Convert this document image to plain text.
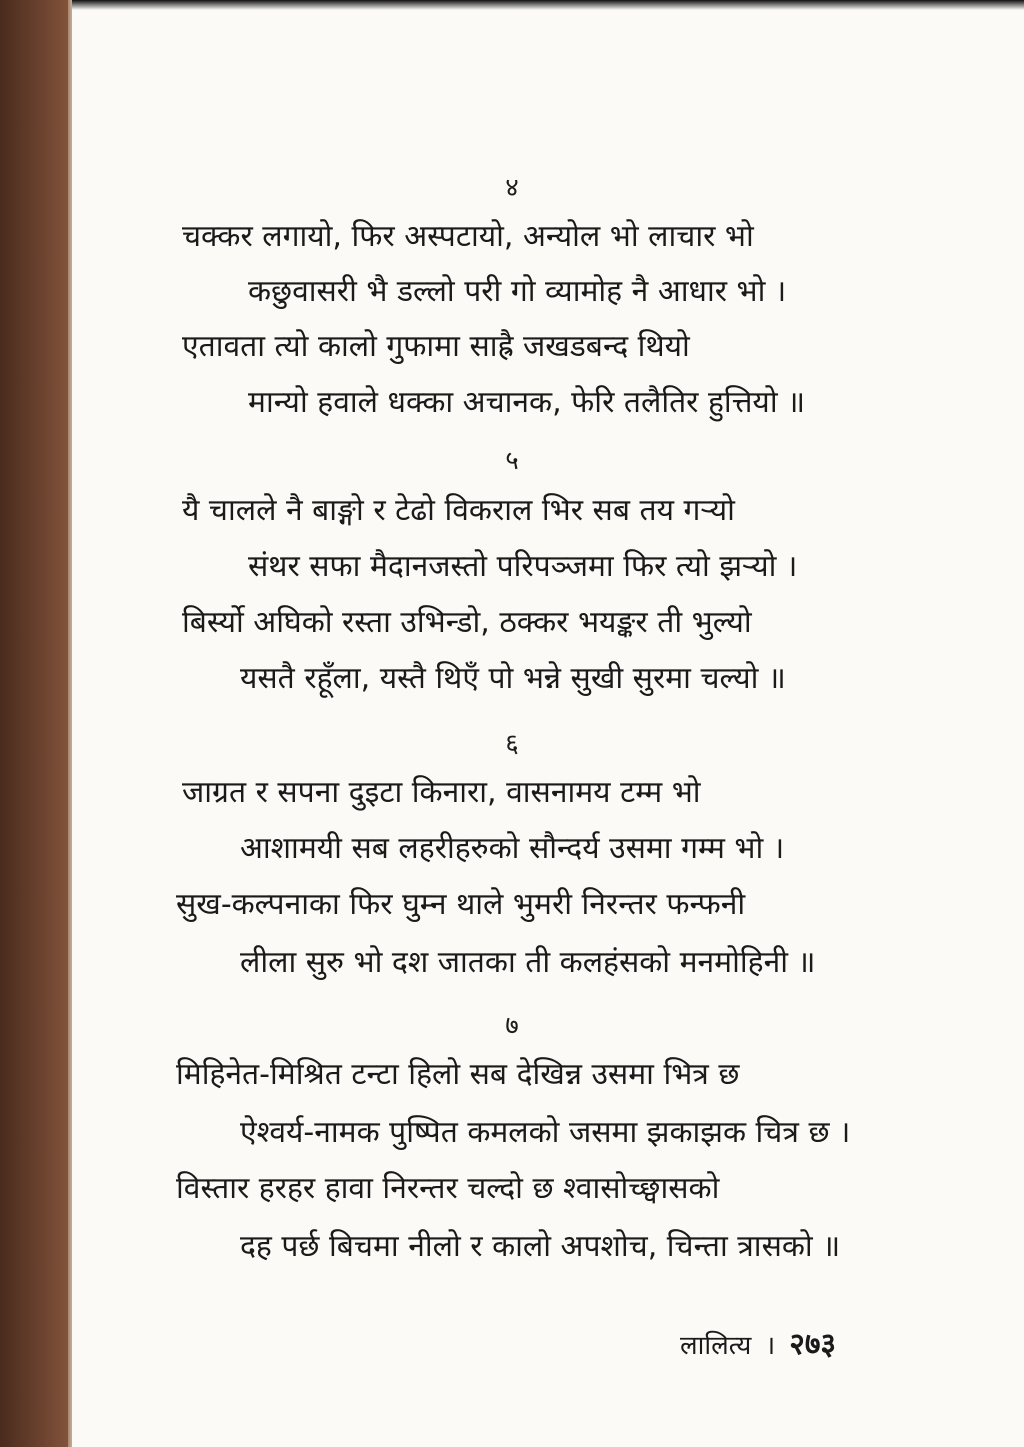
४
चक्कर लगायो, फिर अस्पटायो, अन्योल भो लाचार भो
कछुवासरी भै डल्लो परी गो व्यामोह नै आधार भो ।
एतावता त्यो कालो गुफामा साह्रै जखडबन्द थियो
मान्यो हवाले धक्का अचानक, फेरि तलैतिर हुत्तियो ॥
५
यै चालले नै बाङ्गो र टेढो विकराल भिर सब तय गर्‍यो
संथर सफा मैदानजस्तो परिपञ्जमा फिर त्यो झर्‍यो ।
बिर्स्यो अघिको रस्ता उभिन्डो, ठक्कर भयङ्कर ती भुल्यो
यसतै रहूँला, यस्तै थिएँ पो भन्ने सुखी सुरमा चल्यो ॥
६
जाग्रत र सपना दुइटा किनारा, वासनामय टम्म भो
आशामयी सब लहरीहरुको सौन्दर्य उसमा गम्म भो ।
सुख-कल्पनाका फिर घुम्न थाले भुमरी निरन्तर फन्फनी
लीला सुरु भो दश जातका ती कलहंसको मनमोहिनी ॥
७
मिहिनेत-मिश्रित टन्टा हिलो सब देखिन्न उसमा भित्र छ
ऐश्वर्य-नामक पुष्पित कमलको जसमा झकाझक चित्र छ ।
विस्तार हरहर हावा निरन्तर चल्दो छ श्वासोच्छ्वासको
दह पर्छ बिचमा नीलो र कालो अपशोच, चिन्ता त्रासको ॥
लालित्य । २७३
